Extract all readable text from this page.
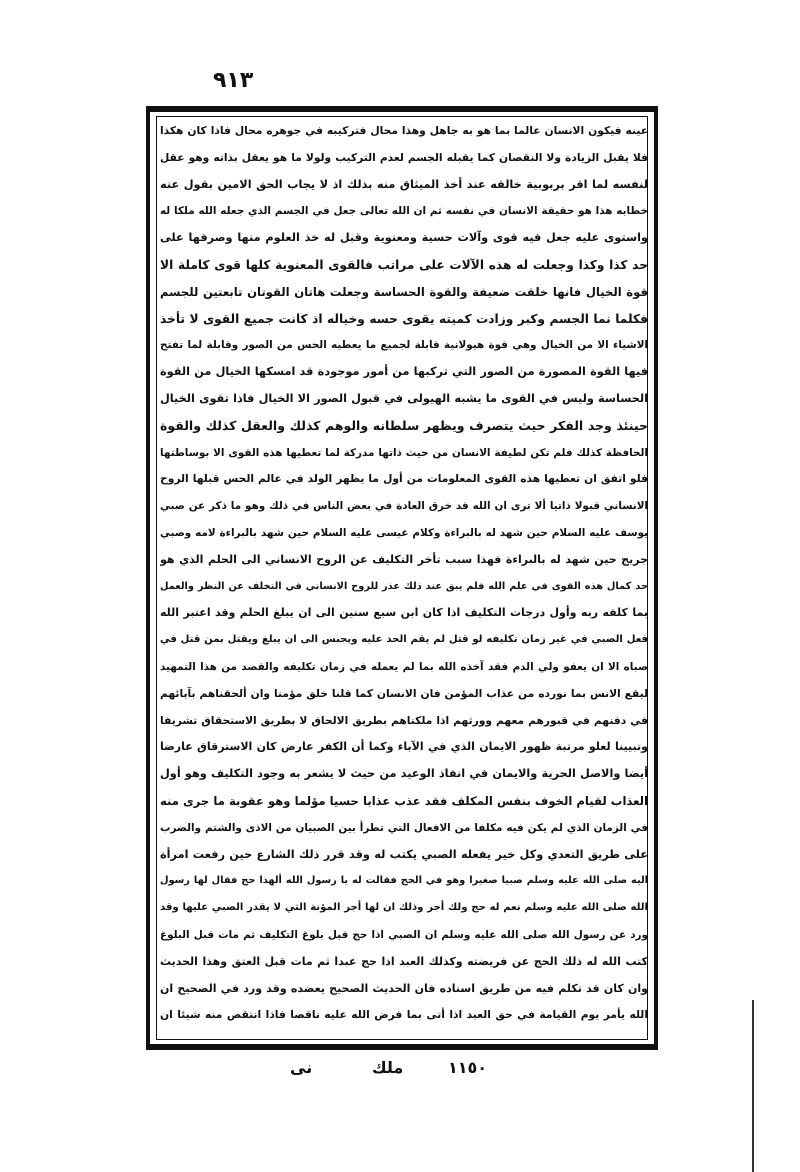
٩١٣
عينه فيكون الانسان عالما بما هو به جاهل وهذا محال فتركيبه في جوهره محال فاذا كان هكذا
فلا يقبل الزيادة ولا النقصان كما يقبله الجسم لعدم التركيب ولولا ما هو يعقل بذاته وهو عقل
لنفسه لما اقر بربوبية خالقه عند أخذ الميثاق منه بذلك اذ لا يجاب الحق الامين بقول عنه
خطابه هذا هو حقيقة الانسان في نفسه ثم ان الله تعالى جعل في الجسم الذي جعله الله ملكا له
واستوى عليه جعل فيه قوى وآلات حسية ومعنوية وقبل له خذ العلوم منها وصرفها على
حد كذا وكذا وجعلت له هذه الآلات على مراتب فالقوى المعنوية كلها قوى كاملة الا
قوة الخيال فانها خلقت ضعيفة والقوة الحساسة وجعلت هاتان القوتان تابعتين للجسم
فكلما نما الجسم وكبر وزادت كميته يقوى حسه وخياله اذ كانت جميع القوى لا تأخذ
الاشياء الا من الخيال وهي قوة هيولانية قابلة لجميع ما يعطيه الحس من الصور وقابلة لما تفتح
فيها القوة المصورة من الصور التي تركبها من أمور موجودة قد امسكها الخيال من القوة
الحساسة وليس في القوى ما يشبه الهيولى في قبول الصور الا الخيال فاذا تقوى الخيال
حينئذ وجد الفكر حيث يتصرف ويظهر سلطانه والوهم كذلك والعقل كذلك والقوة
الحافظة كذلك فلم تكن لطيفة الانسان من حيث ذاتها مدركة لما تعطيها هذه القوى الا بوساطتها
فلو اتفق ان تعطيها هذه القوى المعلومات من أول ما يظهر الولد في عالم الحس قبلها الروح
الانساني قبولا ذاتيا ألا ترى ان الله قد خرق العادة في بعض الناس في ذلك وهو ما ذكر عن صبي
يوسف عليه السلام حين شهد له بالبراءة وكلام عيسى عليه السلام حين شهد بالبراءة لامه وصبي
جريج حين شهد له بالبراءة فهذا سبب تأخر التكليف عن الروح الانساني الى الحلم الذي هو
حد كمال هذه القوى في علم الله فلم يبق عند ذلك عذر للروح الانساني في التخلف عن النظر والعمل
بما كلفه ربه وأول درجات التكليف اذا كان ابن سبع سنين الى ان يبلغ الحلم وقد اعتبر الله
فعل الصبي في غير زمان تكليفه لو قتل لم يقم الحد عليه ويحبس الى ان يبلغ ويقتل بمن قتل في
صباه الا ان يعفو ولي الدم فقد آخذه الله بما لم يعمله في زمان تكليفه والقصد من هذا التمهيد
ليقع الانس بما نورده من عذاب المؤمن فان الانسان كما قلنا خلق مؤمنا وان ألحقناهم بآبائهم
في دفنهم في قبورهم معهم وورثهم اذا ملكناهم بطريق الالحاق لا بطريق الاستحقاق تشريفا
وتبيينا لعلو مرتبة ظهور الايمان الذي في الآباء وكما أن الكفر عارض كان الاسترقاق عارضا
أيضا والاصل الحرية والايمان في انفاذ الوعيد من حيث لا يشعر به وجود التكليف وهو أول
العذاب لقيام الخوف بنفس المكلف فقد عذب عذابا حسيا مؤلما وهو عقوبة ما جرى منه
في الزمان الذي لم يكن فيه مكلفا من الافعال التي تطرأ بين الصبيان من الاذى والشتم والضرب
على طريق التعدي وكل خير يفعله الصبي يكتب له وقد قرر ذلك الشارع حين رفعت امرأة
اليه صلى الله عليه وسلم صبيا صغيرا وهو في الحج فقالت له يا رسول الله ألهذا حج فقال لها رسول
الله صلى الله عليه وسلم نعم له حج ولك أجر وذلك ان لها أجر المؤنة التي لا يقدر الصبي عليها وقد
ورد عن رسول الله صلى الله عليه وسلم ان الصبي اذا حج قبل بلوغ التكليف ثم مات قبل البلوغ
كتب الله له ذلك الحج عن فريضته وكذلك العبد اذا حج عبدا ثم مات قبل العتق وهذا الحديث
وان كان قد تكلم فيه من طريق اسناده فان الحديث الصحيح يعضده وقد ورد في الصحيح ان
الله يأمر يوم القيامة في حق العبد اذا أتى بما فرض الله عليه ناقصا فاذا انتقص منه شيئا ان
نى	ملك	١١٥٠
